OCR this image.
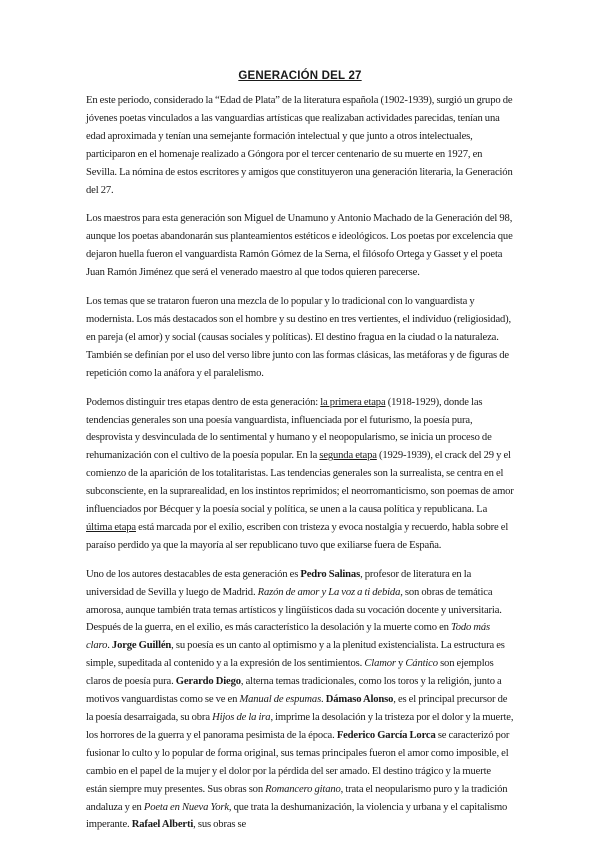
GENERACIÓN DEL 27

En este periodo, considerado la “Edad de Plata” de la literatura española (1902-1939), surgió un grupo de jóvenes poetas vinculados a las vanguardias artísticas que realizaban actividades parecidas, tenían una edad aproximada y tenían una semejante formación intelectual y que junto a otros intelectuales, participaron en el homenaje realizado a Góngora por el tercer centenario de su muerte en 1927, en Sevilla. La nómina de estos escritores y amigos que constituyeron una generación literaria, la Generación del 27.

Los maestros para esta generación son Miguel de Unamuno y Antonio Machado de la Generación del 98, aunque los poetas abandonarán sus planteamientos estéticos e ideológicos. Los poetas por excelencia que dejaron huella fueron el vanguardista Ramón Gómez de la Serna, el filósofo Ortega y Gasset y el poeta Juan Ramón Jiménez que será el venerado maestro al que todos quieren parecerse.

Los temas que se trataron fueron una mezcla de lo popular y lo tradicional con lo vanguardista y modernista. Los más destacados son el hombre y su destino en tres vertientes, el individuo (religiosidad), en pareja (el amor) y social (causas sociales y políticas). El destino fragua en la ciudad o la naturaleza. También se definían por el uso del verso libre junto con las formas clásicas, las metáforas y de figuras de repetición como la anáfora y el paralelismo.

Podemos distinguir tres etapas dentro de esta generación: la primera etapa (1918-1929), donde las tendencias generales son una poesía vanguardista, influenciada por el futurismo, la poesía pura, desprovista y desvinculada de lo sentimental y humano y el neopopularismo, se inicia un proceso de rehumanización con el cultivo de la poesía popular. En la segunda etapa (1929-1939), el crack del 29 y el comienzo de la aparición de los totalitaristas. Las tendencias generales son la surrealista, se centra en el subconsciente, en la suprarealidad, en los instintos reprimidos; el neorromanticismo, son poemas de amor influenciados por Bécquer y la poesía social y política, se unen a la causa política y republicana. La última etapa está marcada por el exilio, escriben con tristeza y evoca nostalgia y recuerdo, habla sobre el paraíso perdido ya que la mayoría al ser republicano tuvo que exiliarse fuera de España.

Uno de los autores destacables de esta generación es Pedro Salinas, profesor de literatura en la universidad de Sevilla y luego de Madrid. Razón de amor y La voz a ti debida, son obras de temática amorosa, aunque también trata temas artísticos y lingüísticos dada su vocación docente y universitaria. Después de la guerra, en el exilio, es más característico la desolación y la muerte como en Todo más claro. Jorge Guillén, su poesía es un canto al optimismo y a la plenitud existencialista. La estructura es simple, supeditada al contenido y a la expresión de los sentimientos. Clamor y Cántico son ejemplos claros de poesía pura. Gerardo Diego, alterna temas tradicionales, como los toros y la religión, junto a motivos vanguardistas como se ve en Manual de espumas. Dámaso Alonso, es el principal precursor de la poesía desarraigada, su obra Hijos de la ira, imprime la desolación y la tristeza por el dolor y la muerte, los horrores de la guerra y el panorama pesimista de la época. Federico García Lorca se caracterizó por fusionar lo culto y lo popular de forma original, sus temas principales fueron el amor como imposible, el cambio en el papel de la mujer y el dolor por la pérdida del ser amado. El destino trágico y la muerte están siempre muy presentes. Sus obras son Romancero gitano, trata el neopularismo puro y la tradición andaluza y en Poeta en Nueva York, que trata la deshumanización, la violencia y urbana y el capitalismo imperante. Rafael Alberti, sus obras se
